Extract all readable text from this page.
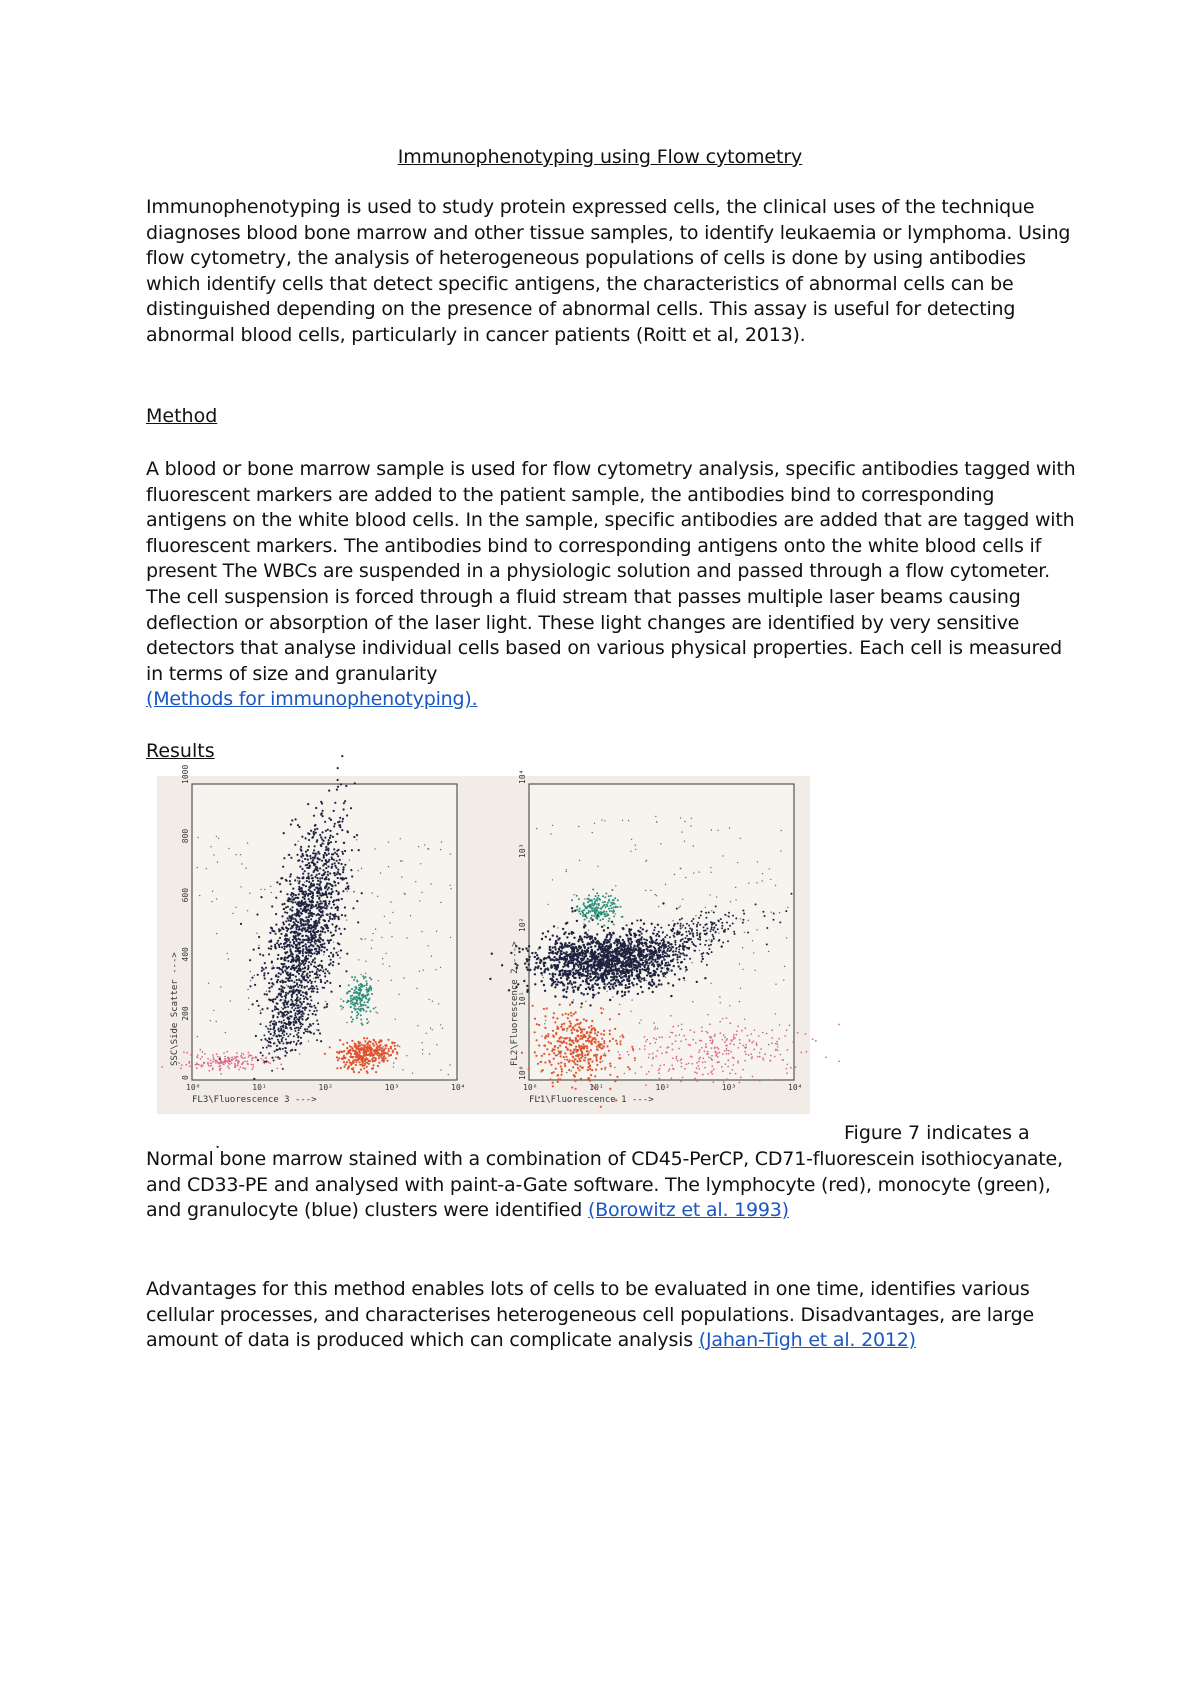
Immunophenotyping using Flow cytometry

Immunophenotyping is used to study protein expressed cells, the clinical uses of the technique diagnoses blood bone marrow and other tissue samples, to identify leukaemia or lymphoma. Using flow cytometry, the analysis of heterogeneous populations of cells is done by using antibodies which identify cells that detect specific antigens, the characteristics of abnormal cells can be distinguished depending on the presence of abnormal cells. This assay is useful for detecting abnormal blood cells, particularly in cancer patients (Roitt et al, 2013).

Method

A blood or bone marrow sample is used for flow cytometry analysis, specific antibodies tagged with fluorescent markers are added to the patient sample, the antibodies bind to corresponding antigens on the white blood cells. In the sample, specific antibodies are added that are tagged with fluorescent markers. The antibodies bind to corresponding antigens onto the white blood cells if present The WBCs are suspended in a physiologic solution and passed through a flow cytometer. The cell suspension is forced through a fluid stream that passes multiple laser beams causing deflection or absorption of the laser light. These light changes are identified by very sensitive detectors that analyse individual cells based on various physical properties. Each cell is measured in terms of size and granularity
(Methods for immunophenotyping).

Results

SSC\Side Scatter --->
FL3\Fluorescence 3 --->
FL2\Fluorescence 2 --->
FL1\Fluorescence 1 --->
10⁰	10¹	10²	10³	10⁴
0
200
400
600
800
1000
10⁰	10¹	10²	10³	10⁴
10⁰
10¹
10²
10³
10⁴
Figure 7 indicates a

Normal bone marrow stained with a combination of CD45-PerCP, CD71-fluorescein isothiocyanate, and CD33-PE and analysed with paint-a-Gate software. The lymphocyte (red), monocyte (green), and granulocyte (blue) clusters were identified (Borowitz et al. 1993)

Advantages for this method enables lots of cells to be evaluated in one time, identifies various cellular processes, and characterises heterogeneous cell populations. Disadvantages, are large amount of data is produced which can complicate analysis (Jahan-Tigh et al. 2012)
